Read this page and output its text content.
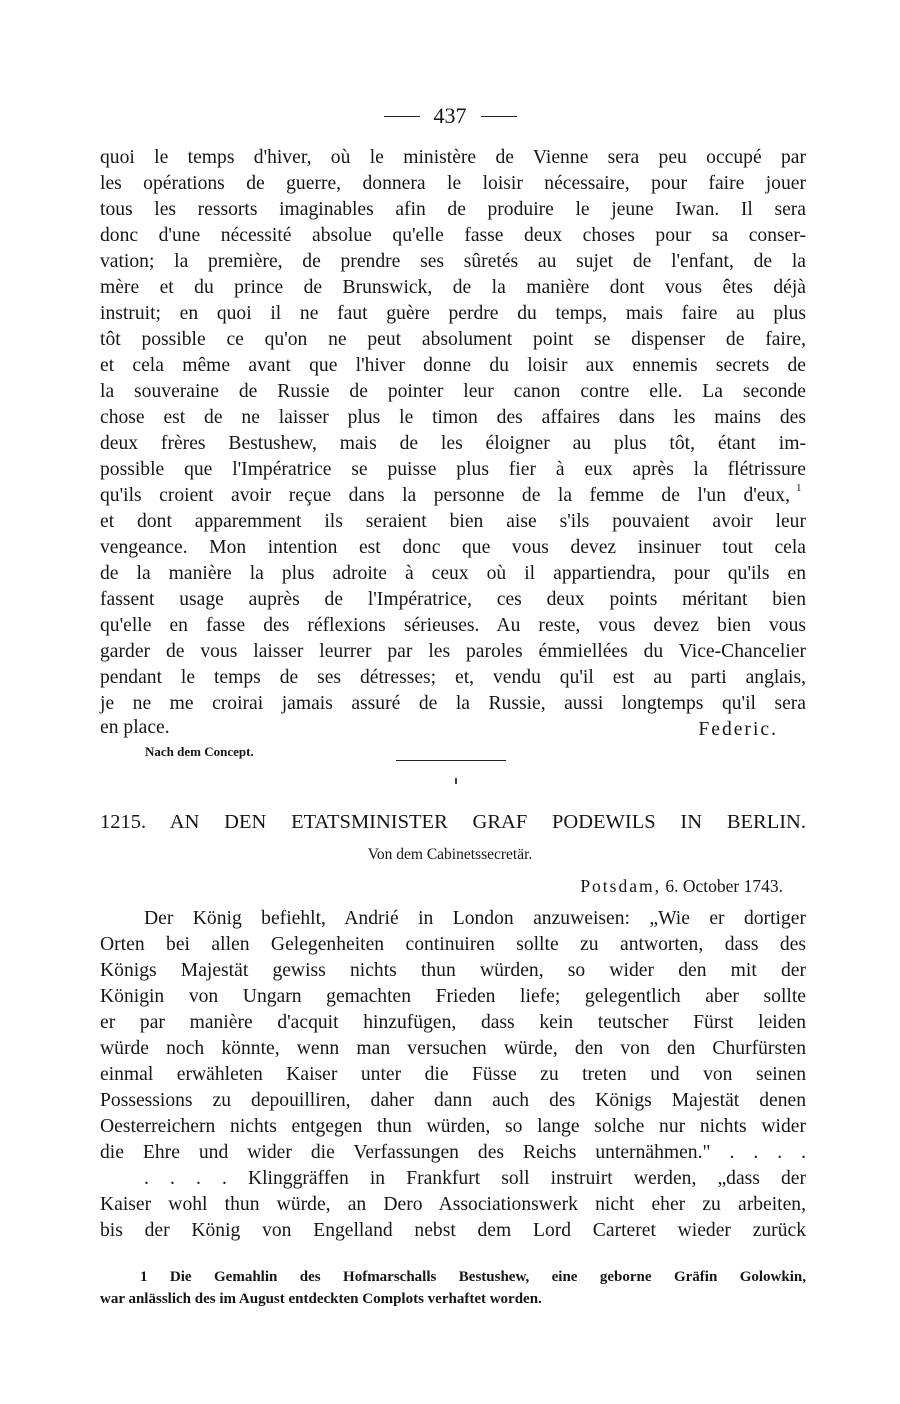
437

quoi le temps d'hiver, où le ministère de Vienne sera peu occupé par

les opérations de guerre, donnera le loisir nécessaire, pour faire jouer

tous les ressorts imaginables afin de produire le jeune Iwan. Il sera

donc d'une nécessité absolue qu'elle fasse deux choses pour sa conser-

vation; la première, de prendre ses sûretés au sujet de l'enfant, de la

mère et du prince de Brunswick, de la manière dont vous êtes déjà

instruit; en quoi il ne faut guère perdre du temps, mais faire au plus

tôt possible ce qu'on ne peut absolument point se dispenser de faire,

et cela même avant que l'hiver donne du loisir aux ennemis secrets de

la souveraine de Russie de pointer leur canon contre elle. La seconde

chose est de ne laisser plus le timon des affaires dans les mains des

deux frères Bestushew, mais de les éloigner au plus tôt, étant im-

possible que l'Impératrice se puisse plus fier à eux après la flétrissure

qu'ils croient avoir reçue dans la personne de la femme de l'un d'eux, 1

et dont apparemment ils seraient bien aise s'ils pouvaient avoir leur

vengeance. Mon intention est donc que vous devez insinuer tout cela

de la manière la plus adroite à ceux où il appartiendra, pour qu'ils en

fassent usage auprès de l'Impératrice, ces deux points méritant bien

qu'elle en fasse des réflexions sérieuses. Au reste, vous devez bien vous

garder de vous laisser leurrer par les paroles émmiellées du Vice-Chancelier

pendant le temps de ses détresses; et, vendu qu'il est au parti anglais,

je ne me croirai jamais assuré de la Russie, aussi longtemps qu'il sera

en place.	Federic.
Nach dem Concept.
1215. AN DEN ETATSMINISTER GRAF PODEWILS IN BERLIN.
Von dem Cabinetssecretär.
Potsdam, 6. October 1743.

Der König befiehlt, Andrié in London anzuweisen: „Wie er dortiger

Orten bei allen Gelegenheiten continuiren sollte zu antworten, dass des

Königs Majestät gewiss nichts thun würden, so wider den mit der

Königin von Ungarn gemachten Frieden liefe; gelegentlich aber sollte

er par manière d'acquit hinzufügen, dass kein teutscher Fürst leiden

würde noch könnte, wenn man versuchen würde, den von den Churfürsten

einmal erwähleten Kaiser unter die Füsse zu treten und von seinen

Possessions zu depouilliren, daher dann auch des Königs Majestät denen

Oesterreichern nichts entgegen thun würden, so lange solche nur nichts wider

die Ehre und wider die Verfassungen des Reichs unternähmen." . . . .

. . . . Klinggräffen in Frankfurt soll instruirt werden, „dass der

Kaiser wohl thun würde, an Dero Associationswerk nicht eher zu arbeiten,

bis der König von Engelland nebst dem Lord Carteret wieder zurück

1 Die Gemahlin des Hofmarschalls Bestushew, eine geborne Gräfin Golowkin,

war anlässlich des im August entdeckten Complots verhaftet worden.
